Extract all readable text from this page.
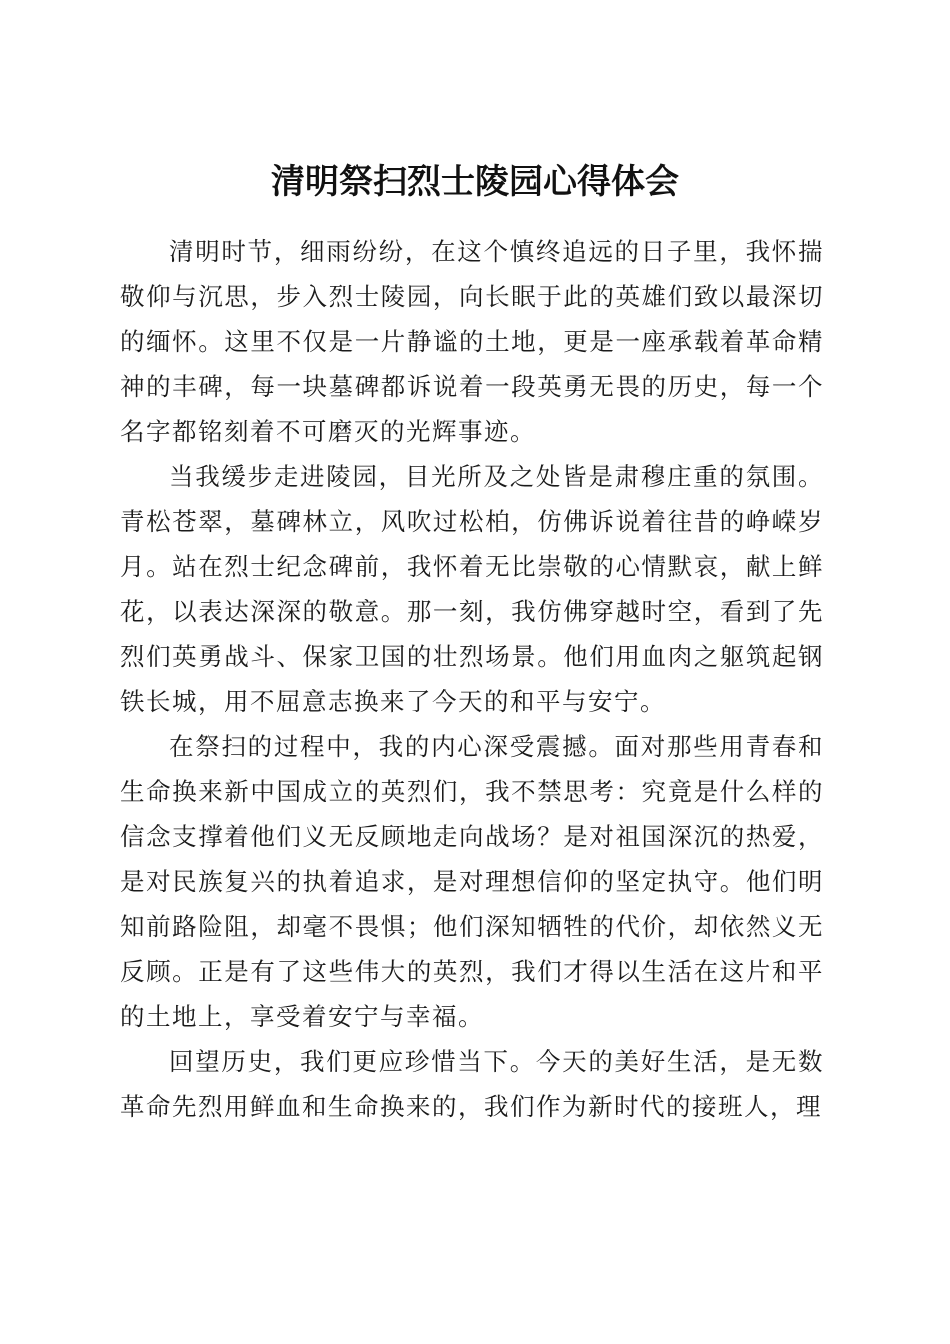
清明祭扫烈士陵园心得体会

清明时节，细雨纷纷，在这个慎终追远的日子里，我怀揣敬仰与沉思，步入烈士陵园，向长眠于此的英雄们致以最深切的缅怀。这里不仅是一片静谧的土地，更是一座承载着革命精神的丰碑，每一块墓碑都诉说着一段英勇无畏的历史，每一个名字都铭刻着不可磨灭的光辉事迹。

当我缓步走进陵园，目光所及之处皆是肃穆庄重的氛围。青松苍翠，墓碑林立，风吹过松柏，仿佛诉说着往昔的峥嵘岁月。站在烈士纪念碑前，我怀着无比崇敬的心情默哀，献上鲜花，以表达深深的敬意。那一刻，我仿佛穿越时空，看到了先烈们英勇战斗、保家卫国的壮烈场景。他们用血肉之躯筑起钢铁长城，用不屈意志换来了今天的和平与安宁。

在祭扫的过程中，我的内心深受震撼。面对那些用青春和生命换来新中国成立的英烈们，我不禁思考：究竟是什么样的信念支撑着他们义无反顾地走向战场？是对祖国深沉的热爱，是对民族复兴的执着追求，是对理想信仰的坚定执守。他们明知前路险阻，却毫不畏惧；他们深知牺牲的代价，却依然义无反顾。正是有了这些伟大的英烈，我们才得以生活在这片和平的土地上，享受着安宁与幸福。

回望历史，我们更应珍惜当下。今天的美好生活，是无数革命先烈用鲜血和生命换来的，我们作为新时代的接班人，理
